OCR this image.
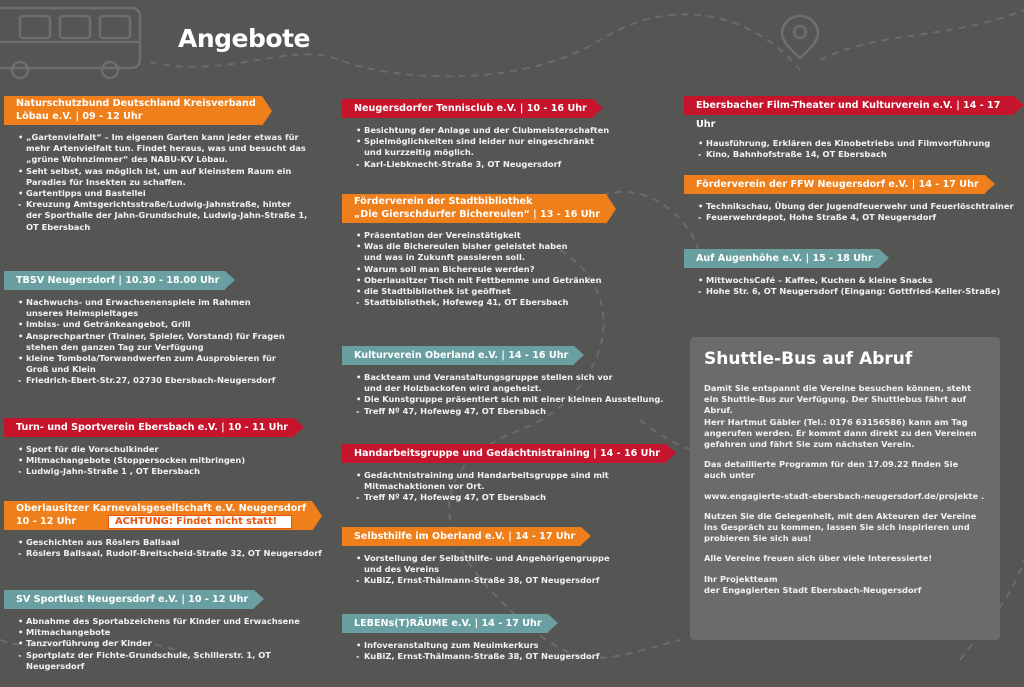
Angebote
Naturschutzbund Deutschland Kreisverband
Löbau e.V. | 09 - 12 Uhr
• „Gartenvielfalt“ – Im eigenen Garten kann jeder etwas für
mehr Artenvielfalt tun. Findet heraus, was und besucht das
„grüne Wohnzimmer“ des NABU-KV Löbau.
• Seht selbst, was möglich ist, um auf kleinstem Raum ein
Paradies für Insekten zu schaffen.
• Gartentipps und Bastellei
- Kreuzung Amtsgerichtsstraße/Ludwig-Jahnstraße, hinter
der Sporthalle der Jahn-Grundschule, Ludwig-Jahn-Straße 1,
OT Ebersbach
TBSV Neugersdorf | 10.30 - 18.00 Uhr
• Nachwuchs- und Erwachsenenspiele im Rahmen
unseres Heimspieltages
• Imbiss- und Getränkeangebot, Grill
• Ansprechpartner (Trainer, Spieler, Vorstand) für Fragen
stehen den ganzen Tag zur Verfügung
• kleine Tombola/Torwandwerfen zum Ausprobieren für
Groß und Klein
- Friedrich-Ebert-Str.27, 02730 Ebersbach-Neugersdorf
Turn- und Sportverein Ebersbach e.V. | 10 - 11 Uhr
• Sport für die Vorschulkinder
• Mitmachangebote (Stoppersocken mitbringen)
- Ludwig-Jahn-Straße 1 , OT Ebersbach
Oberlausitzer Karnevalsgesellschaft e.V. Neugersdorf
10 - 12 Uhr	ACHTUNG: Findet nicht statt!
• Geschichten aus Röslers Ballsaal
- Röslers Ballsaal, Rudolf-Breitscheid-Straße 32, OT Neugersdorf
SV Sportlust Neugersdorf e.V. | 10 - 12 Uhr
• Abnahme des Sportabzeichens für Kinder und Erwachsene
• Mitmachangebote
• Tanzvorführung der Kinder
- Sportplatz der Fichte-Grundschule, Schillerstr. 1, OT Neugersdorf
Neugersdorfer Tennisclub e.V. | 10 - 16 Uhr
• Besichtung der Anlage und der Clubmeisterschaften
• Spielmöglichkeiten sind leider nur eingeschränkt
und kurzzeitig möglich.
- Karl-Liebknecht-Straße 3, OT Neugersdorf
Förderverein der Stadtbibliothek
„Die Gierschdurfer Bichereulen“ | 13 - 16 Uhr
• Präsentation der Vereinstätigkeit
• Was die Bichereulen bisher geleistet haben
und was in Zukunft passieren soll.
• Warum soll man Bichereule werden?
• Oberlausitzer Tisch mit Fettbemme und Getränken
• die Stadtbibliothek ist geöffnet
- Stadtbibliothek, Hofeweg 41, OT Ebersbach
Kulturverein Oberland e.V. | 14 - 16 Uhr
• Backteam und Veranstaltungsgruppe stellen sich vor
und der Holzbackofen wird angeheizt.
• Die Kunstgruppe präsentiert sich mit einer kleinen Ausstellung.
- Treff Nº 47, Hofeweg 47, OT Ebersbach
Handarbeitsgruppe und Gedächtnistraining | 14 - 16 Uhr
• Gedächtnistraining und Handarbeitsgruppe sind mit
Mitmachaktionen vor Ort.
- Treff Nº 47, Hofeweg 47, OT Ebersbach
Selbsthilfe im Oberland e.V. | 14 - 17 Uhr
• Vorstellung der Selbsthilfe- und Angehörigengruppe
und des Vereins
- KuBiZ, Ernst-Thälmann-Straße 38, OT Neugersdorf
LEBENs(T)RÄUME e.V. | 14 - 17 Uhr
• Infoveranstaltung zum Neuimkerkurs
- KuBiZ, Ernst-Thälmann-Straße 38, OT Neugersdorf
Ebersbacher Film-Theater und Kulturverein e.V. | 14 - 17 Uhr
• Hausführung, Erklären des Kinobetriebs und Filmvorführung
- Kino, Bahnhofstraße 14, OT Ebersbach
Förderverein der FFW Neugersdorf e.V. | 14 - 17 Uhr
• Technikschau, Übung der Jugendfeuerwehr und Feuerlöschtrainer
- Feuerwehrdepot, Hohe Straße 4, OT Neugersdorf
Auf Augenhöhe e.V. | 15 - 18 Uhr
• MittwochsCafé – Kaffee, Kuchen & kleine Snacks
- Hohe Str. 6, OT Neugersdorf (Eingang: Gottfried-Keller-Straße)
Shuttle-Bus auf Abruf

Damit Sie entspannt die Vereine besuchen können, steht
ein Shuttle-Bus zur Verfügung. Der Shuttlebus fährt auf
Abruf.
Herr Hartmut Gäbler (Tel.: 0176 63156586) kann am Tag
angerufen werden. Er kommt dann direkt zu den Vereinen
gefahren und fährt Sie zum nächsten Verein.

Das detaillierte Programm für den 17.09.22 finden Sie
auch unter

www.engagierte-stadt-ebersbach-neugersdorf.de/projekte .

Nutzen Sie die Gelegenheit, mit den Akteuren der Vereine
ins Gespräch zu kommen, lassen Sie sich inspirieren und
probieren Sie sich aus!

Alle Vereine freuen sich über viele Interessierte!

Ihr Projektteam
der Engagierten Stadt Ebersbach-Neugersdorf
